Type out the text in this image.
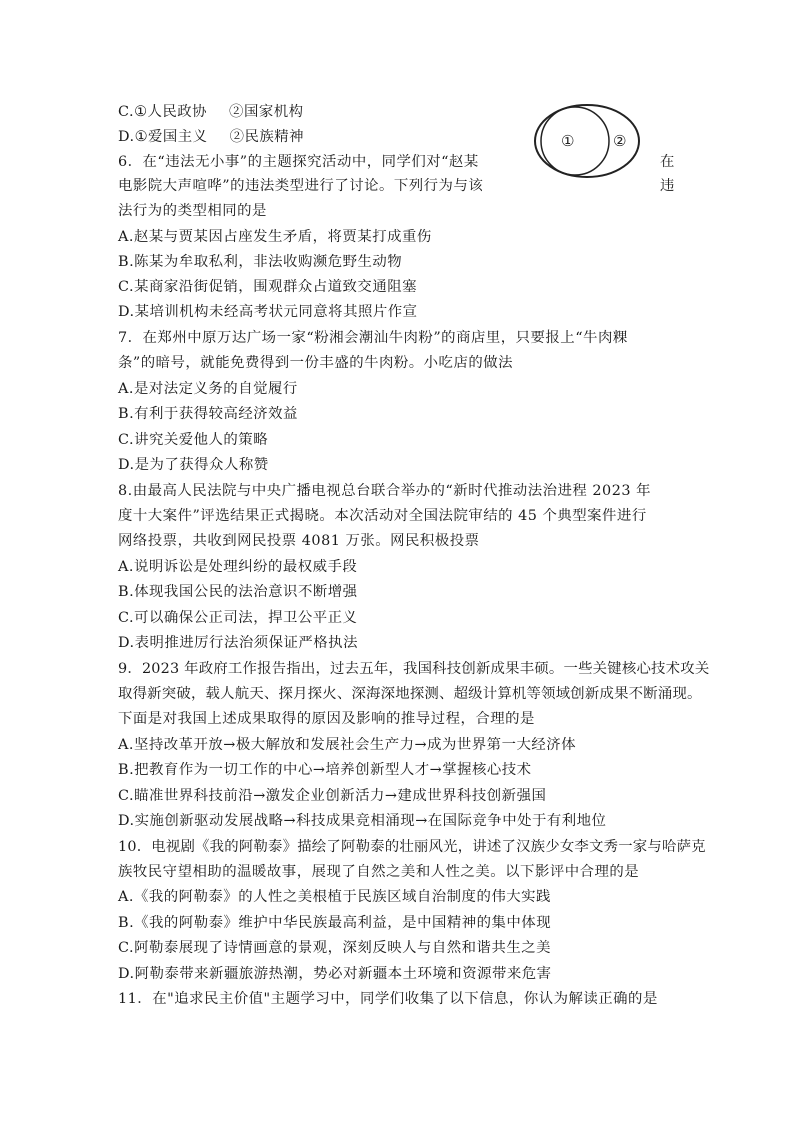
C.①人民政协 ②国家机构
D.①爱国主义 ②民族精神	①	②
6．在“违法无小事”的主题探究活动中，同学们对“赵某	在
电影院大声喧哗”的违法类型进行了讨论。下列行为与该	违
法行为的类型相同的是
A.赵某与贾某因占座发生矛盾，将贾某打成重伤
B.陈某为牟取私利，非法收购濒危野生动物
C.某商家沿街促销，围观群众占道致交通阻塞
D.某培训机构未经高考状元同意将其照片作宣
7．在郑州中原万达广场一家“粉湘会潮汕牛肉粉”的商店里，只要报上“牛肉粿
条”的暗号，就能免费得到一份丰盛的牛肉粉。小吃店的做法
A.是对法定义务的自觉履行
B.有利于获得较高经济效益
C.讲究关爱他人的策略
D.是为了获得众人称赞
8.由最高人民法院与中央广播电视总台联合举办的“新时代推动法治进程 2023 年
度十大案件”评选结果正式揭晓。本次活动对全国法院审结的 45 个典型案件进行
网络投票，共收到网民投票 4081 万张。网民积极投票
A.说明诉讼是处理纠纷的最权威手段
B.体现我国公民的法治意识不断增强
C.可以确保公正司法，捍卫公平正义
D.表明推进厉行法治须保证严格执法
9．2023 年政府工作报告指出，过去五年，我国科技创新成果丰硕。一些关键核心技术攻关
取得新突破，载人航天、探月探火、深海深地探测、超级计算机等领域创新成果不断涌现。
下面是对我国上述成果取得的原因及影响的推导过程，合理的是
A.坚持改革开放→极大解放和发展社会生产力→成为世界第一大经济体
B.把教育作为一切工作的中心→培养创新型人才→掌握核心技术
C.瞄准世界科技前沿→激发企业创新活力→建成世界科技创新强国
D.实施创新驱动发展战略→科技成果竞相涌现→在国际竞争中处于有利地位
10．电视剧《我的阿勒泰》描绘了阿勒泰的壮丽风光，讲述了汉族少女李文秀一家与哈萨克
族牧民守望相助的温暖故事，展现了自然之美和人性之美。以下影评中合理的是
A.《我的阿勒泰》的人性之美根植于民族区域自治制度的伟大实践
B.《我的阿勒泰》维护中华民族最高利益，是中国精神的集中体现
C.阿勒泰展现了诗情画意的景观，深刻反映人与自然和谐共生之美
D.阿勒泰带来新疆旅游热潮，势必对新疆本土环境和资源带来危害
11．在"追求民主价值"主题学习中，同学们收集了以下信息，你认为解读正确的是
